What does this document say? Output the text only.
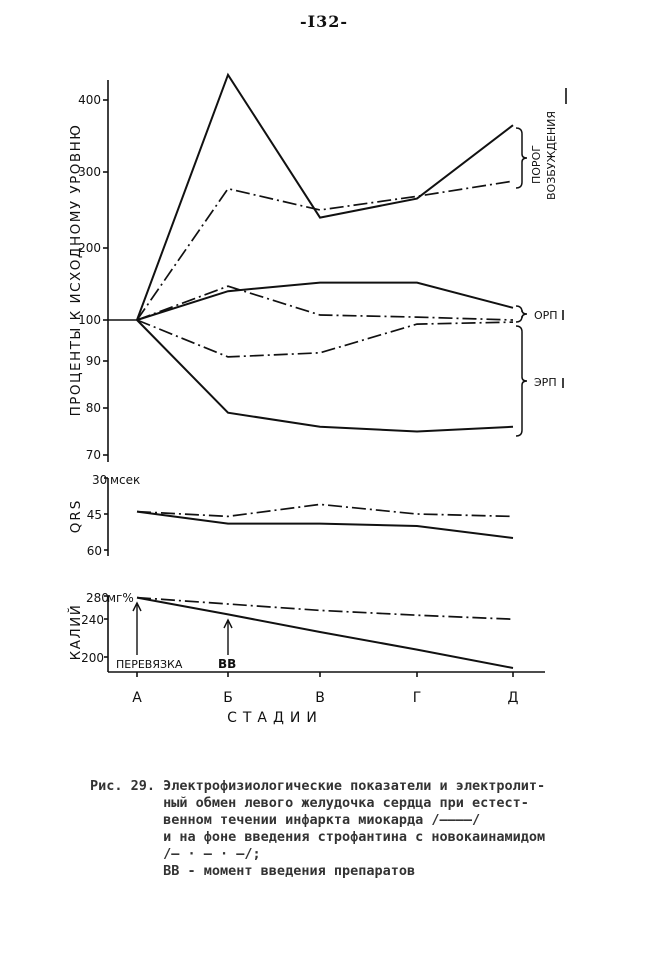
-I32-
400
300
200
100
90
80
70
45
60
30 мсек
240
200
280
мг%
А	Б	В	Г	Д
СТАДИИ
ПРОЦЕНТЫ К ИСХОДНОМУ УРОВНЮ
QRS
КАЛИЙ
ПОРОГ ВОЗБУЖДЕНИЯ
ОРП
ЭРП
ПЕРЕВЯЗКА	ВВ
Рис. 29. Электрофизиологические показатели и электролит-
ный обмен левого желудочка сердца при естест-
венном течении инфаркта миокарда /————/
и на фоне введения строфантина с новокаинамидом
/— · — · —/;
ВВ - момент введения препаратов
